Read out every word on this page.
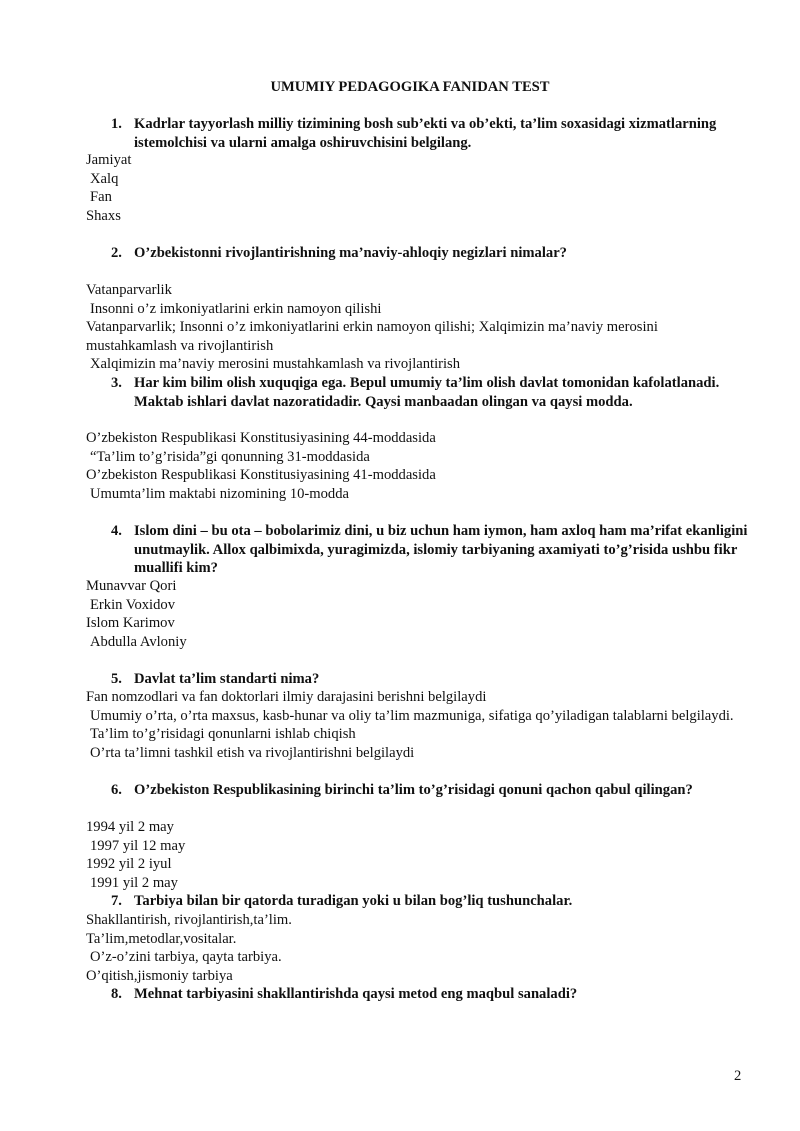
UMUMIY PEDAGOGIKA FANIDAN TEST
1. Kadrlar tayyorlash milliy tizimining bosh sub’ekti va ob’ekti, ta’lim soxasidagi xizmatlarning istemolchisi va ularni amalga oshiruvchisini belgilang.
Jamiyat
Xalq
Fan
Shaxs
2. O’zbekistonni rivojlantirishning ma’naviy-ahloqiy negizlari nimalar?
Vatanparvarlik
Insonni o’z imkoniyatlarini erkin namoyon qilishi
Vatanparvarlik; Insonni o’z imkoniyatlarini erkin namoyon qilishi; Xalqimizin ma’naviy merosini mustahkamlash va rivojlantirish
Xalqimizin ma’naviy merosini mustahkamlash va rivojlantirish
3. Har kim bilim olish xuquqiga ega. Bepul umumiy ta’lim olish davlat tomonidan kafolatlanadi. Maktab ishlari davlat nazoratidadir. Qaysi manbaadan olingan va qaysi modda.
O’zbekiston Respublikasi Konstitusiyasining 44-moddasida
“Ta’lim to’g’risida”gi qonunning 31-moddasida
O’zbekiston Respublikasi Konstitusiyasining 41-moddasida
Umumta’lim maktabi nizomining 10-modda
4. Islom dini – bu ota – bobolarimiz dini, u biz uchun ham iymon, ham axloq ham ma’rifat ekanligini unutmaylik. Allox qalbimixda, yuragimizda, islomiy tarbiyaning axamiyati to’g’risida ushbu fikr muallifi kim?
Munavvar Qori
Erkin Voxidov
Islom Karimov
Abdulla Avloniy
5. Davlat ta’lim standarti nima?
Fan nomzodlari va fan doktorlari ilmiy darajasini berishni belgilaydi
Umumiy o’rta, o’rta maxsus, kasb-hunar va oliy ta’lim mazmuniga, sifatiga qo’yiladigan talablarni belgilaydi.
Ta’lim to’g’risidagi qonunlarni ishlab chiqish
O’rta ta’limni tashkil etish va rivojlantirishni belgilaydi
6. O’zbekiston Respublikasining birinchi ta’lim to’g’risidagi qonuni qachon qabul qilingan?
1994 yil 2 may
1997 yil 12 may
1992 yil 2 iyul
1991 yil 2 may
7. Tarbiya bilan bir qatorda turadigan yoki u bilan bog’liq tushunchalar.
Shakllantirish, rivojlantirish,ta’lim.
Ta’lim,metodlar,vositalar.
O’z-o’zini tarbiya, qayta tarbiya.
O’qitish,jismoniy tarbiya
8. Mehnat tarbiyasini shakllantirishda qaysi metod eng maqbul sanaladi?
2
